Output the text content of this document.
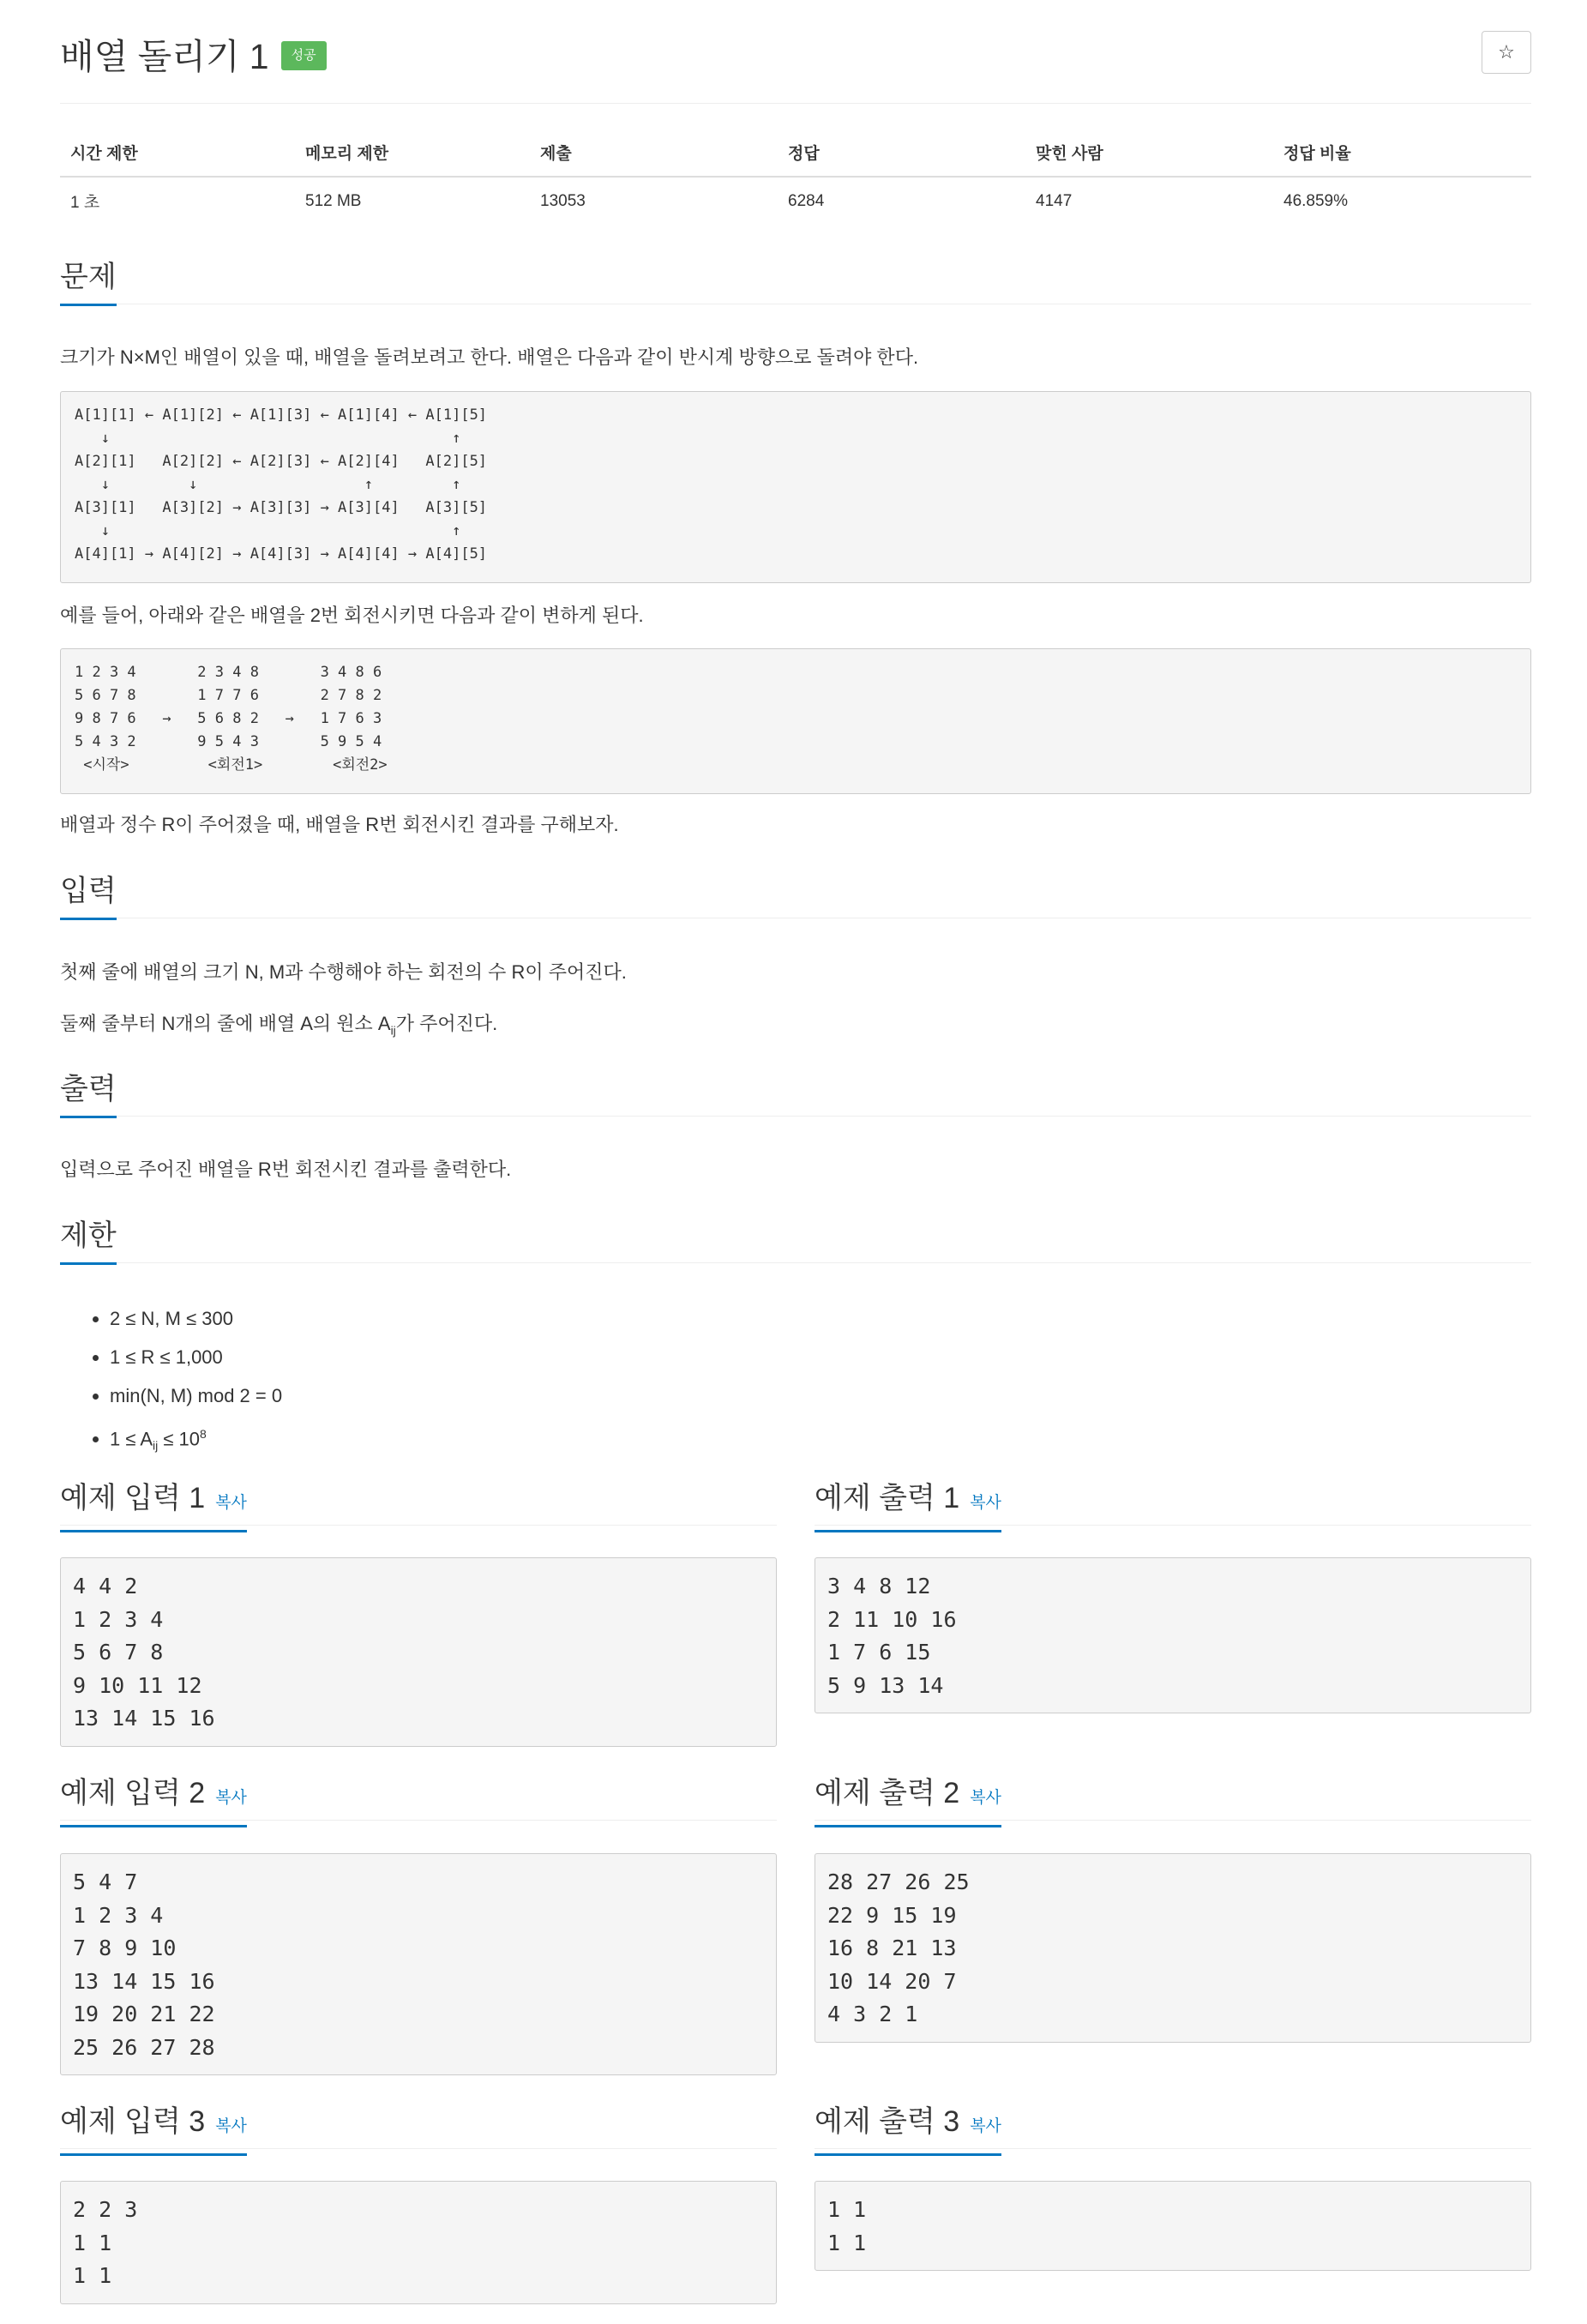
배열 돌리기 1 성공	☆
시간 제한	메모리 제한	제출	정답	맞힌 사람	정답 비율
1 초	512 MB	13053	6284	4147	46.859%
문제

크기가 N×M인 배열이 있을 때, 배열을 돌려보려고 한다. 배열은 다음과 같이 반시계 방향으로 돌려야 한다.

A[1][1] ← A[1][2] ← A[1][3] ← A[1][4] ← A[1][5]
↓                                       ↑
A[2][1]   A[2][2] ← A[2][3] ← A[2][4]   A[2][5]
↓         ↓                   ↑         ↑
A[3][1]   A[3][2] → A[3][3] → A[3][4]   A[3][5]
↓                                       ↑
A[4][1] → A[4][2] → A[4][3] → A[4][4] → A[4][5]

예를 들어, 아래와 같은 배열을 2번 회전시키면 다음과 같이 변하게 된다.

1 2 3 4       2 3 4 8       3 4 8 6
5 6 7 8       1 7 7 6       2 7 8 2
9 8 7 6   →   5 6 8 2   →   1 7 6 3
5 4 3 2       9 5 4 3       5 9 5 4
<시작>         <회전1>        <회전2>

배열과 정수 R이 주어졌을 때, 배열을 R번 회전시킨 결과를 구해보자.

입력

첫째 줄에 배열의 크기 N, M과 수행해야 하는 회전의 수 R이 주어진다.

둘째 줄부터 N개의 줄에 배열 A의 원소 $A_{ij}$가 주어진다.

출력

입력으로 주어진 배열을 R번 회전시킨 결과를 출력한다.

제한
• 2 ≤ N, M ≤ 300
• 1 ≤ R ≤ 1,000
• min(N, M) mod 2 = 0
• $1 \le A_{ij} \le 10^8$
예제 입력 1 복사
4 4 2
1 2 3 4
5 6 7 8
9 10 11 12
13 14 15 16
예제 출력 1 복사
3 4 8 12
2 11 10 16
1 7 6 15
5 9 13 14
예제 입력 2 복사
5 4 7
1 2 3 4
7 8 9 10
13 14 15 16
19 20 21 22
25 26 27 28
예제 출력 2 복사
28 27 26 25
22 9 15 19
16 8 21 13
10 14 20 7
4 3 2 1
예제 입력 3 복사
2 2 3
1 1
1 1
예제 출력 3 복사
1 1
1 1
